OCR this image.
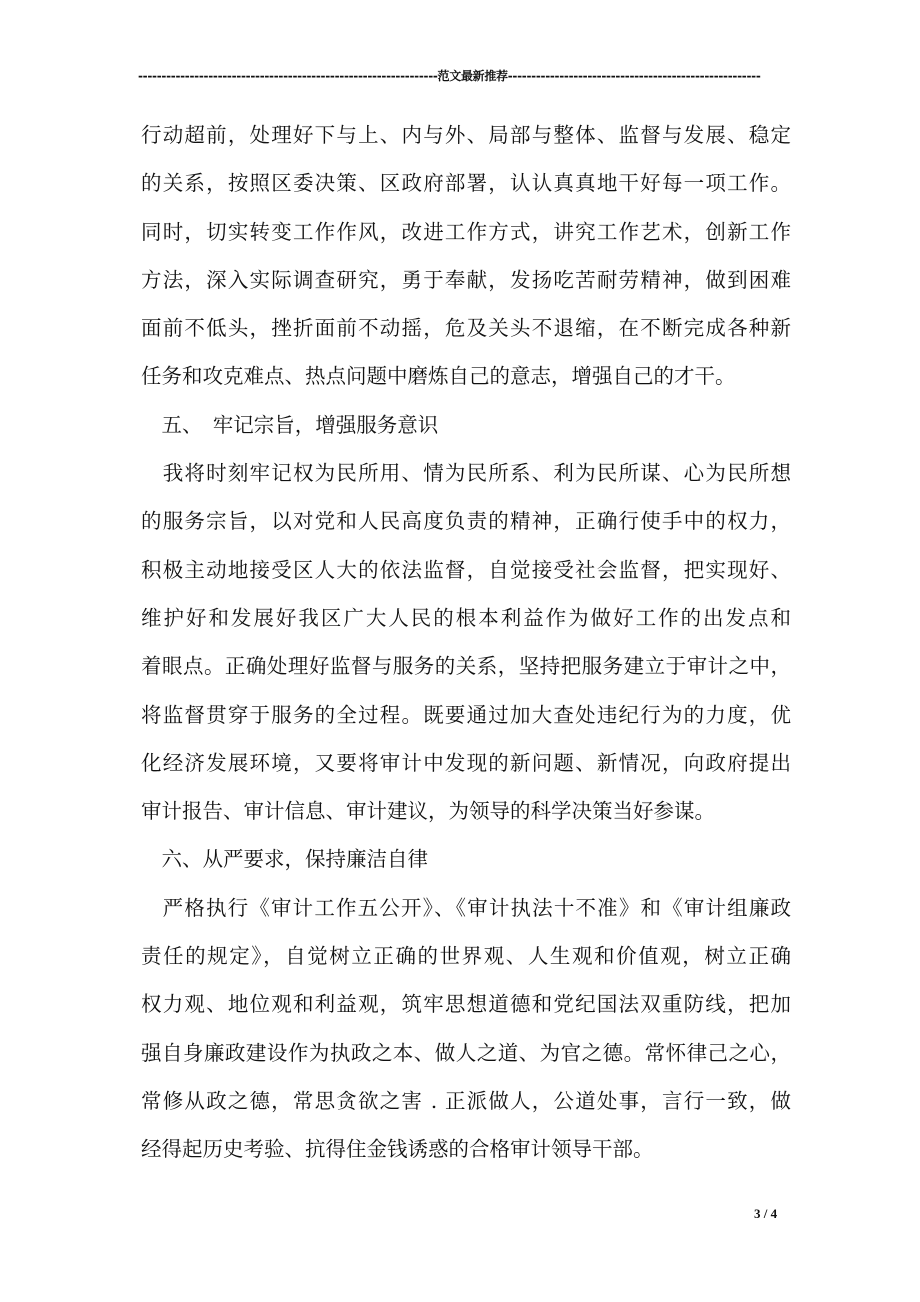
----------------------------------------------------------------范文最新推荐------------------------------------------------------
行动超前，处理好下与上、内与外、局部与整体、监督与发展、稳定
的关系，按照区委决策、区政府部署，认认真真地干好每一项工作。
同时，切实转变工作作风，改进工作方式，讲究工作艺术，创新工作
方法，深入实际调查研究，勇于奉献，发扬吃苦耐劳精神，做到困难
面前不低头，挫折面前不动摇，危及关头不退缩，在不断完成各种新
任务和攻克难点、热点问题中磨炼自己的意志，增强自己的才干。
　五、　牢记宗旨，增强服务意识
　我将时刻牢记权为民所用、情为民所系、利为民所谋、心为民所想
的服务宗旨，以对党和人民高度负责的精神，正确行使手中的权力，
积极主动地接受区人大的依法监督，自觉接受社会监督，把实现好、
维护好和发展好我区广大人民的根本利益作为做好工作的出发点和
着眼点。正确处理好监督与服务的关系，坚持把服务建立于审计之中，
将监督贯穿于服务的全过程。既要通过加大查处违纪行为的力度，优
化经济发展环境，又要将审计中发现的新问题、新情况，向政府提出
审计报告、审计信息、审计建议，为领导的科学决策当好参谋。
　六、从严要求，保持廉洁自律
　严格执行《审计工作五公开》、《审计执法十不准》和《审计组廉政
责任的规定》，自觉树立正确的世界观、人生观和价值观，树立正确
权力观、地位观和利益观，筑牢思想道德和党纪国法双重防线，把加
强自身廉政建设作为执政之本、做人之道、为官之德。常怀律己之心，
常修从政之德，常思贪欲之害 . 正派做人，公道处事，言行一致，做
经得起历史考验、抗得住金钱诱惑的合格审计领导干部。
3 / 4
